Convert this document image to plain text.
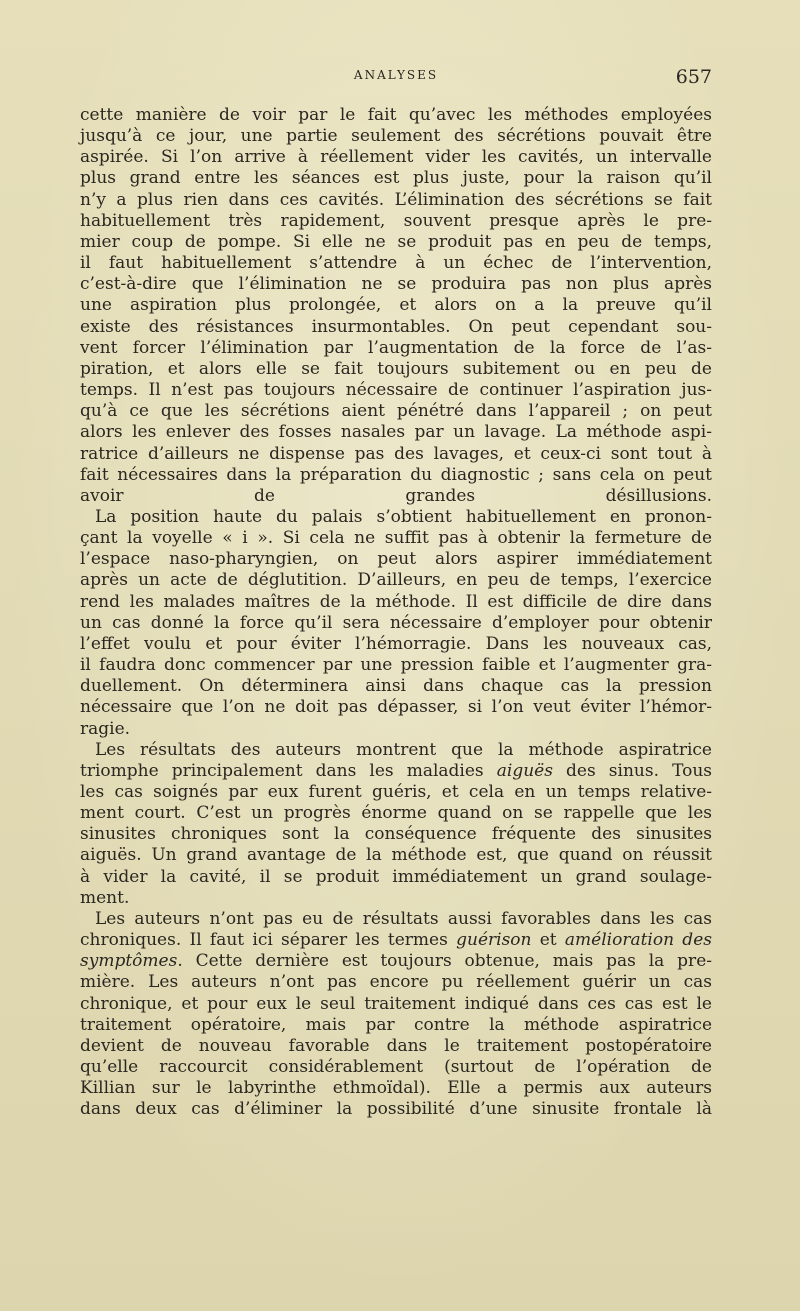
ANALYSES	657

cette manière de voir par le fait qu’avec les méthodes employées
jusqu’à ce jour, une partie seulement des sécrétions pouvait être
aspirée. Si l’on arrive à réellement vider les cavités, un intervalle
plus grand entre les séances est plus juste, pour la raison qu’il
n’y a plus rien dans ces cavités. L’élimination des sécrétions se fait
habituellement très rapidement, souvent presque après le pre-
mier coup de pompe. Si elle ne se produit pas en peu de temps,
il faut habituellement s’attendre à un échec de l’intervention,
c’est-à-dire que l’élimination ne se produira pas non plus après
une aspiration plus prolongée, et alors on a la preuve qu’il
existe des résistances insurmontables. On peut cependant sou-
vent forcer l’élimination par l’augmentation de la force de l’as-
piration, et alors elle se fait toujours subitement ou en peu de
temps. Il n’est pas toujours nécessaire de continuer l’aspiration jus-
qu’à ce que les sécrétions aient pénétré dans l’appareil ; on peut
alors les enlever des fosses nasales par un lavage. La méthode aspi-
ratrice d’ailleurs ne dispense pas des lavages, et ceux-ci sont tout à
fait nécessaires dans la préparation du diagnostic ; sans cela on peut
avoir de grandes désillusions.

La position haute du palais s’obtient habituellement en pronon-
çant la voyelle « i ». Si cela ne suffit pas à obtenir la fermeture de
l’espace naso-pharyngien, on peut alors aspirer immédiatement
après un acte de déglutition. D’ailleurs, en peu de temps, l’exercice
rend les malades maîtres de la méthode. Il est difficile de dire dans
un cas donné la force qu’il sera nécessaire d’employer pour obtenir
l’effet voulu et pour éviter l’hémorragie. Dans les nouveaux cas,
il faudra donc commencer par une pression faible et l’augmenter gra-
duellement. On déterminera ainsi dans chaque cas la pression
nécessaire que l’on ne doit pas dépasser, si l’on veut éviter l’hémor-
ragie.

Les résultats des auteurs montrent que la méthode aspiratrice
triomphe principalement dans les maladies aiguës des sinus. Tous
les cas soignés par eux furent guéris, et cela en un temps relative-
ment court. C’est un progrès énorme quand on se rappelle que les
sinusites chroniques sont la conséquence fréquente des sinusites
aiguës. Un grand avantage de la méthode est, que quand on réussit
à vider la cavité, il se produit immédiatement un grand soulage-
ment.

Les auteurs n’ont pas eu de résultats aussi favorables dans les cas
chroniques. Il faut ici séparer les termes guérison et amélioration des
symptômes. Cette dernière est toujours obtenue, mais pas la pre-
mière. Les auteurs n’ont pas encore pu réellement guérir un cas
chronique, et pour eux le seul traitement indiqué dans ces cas est le
traitement opératoire, mais par contre la méthode aspiratrice
devient de nouveau favorable dans le traitement postopératoire
qu’elle raccourcit considérablement (surtout de l’opération de
Killian sur le labyrinthe ethmoïdal). Elle a permis aux auteurs
dans deux cas d’éliminer la possibilité d’une sinusite frontale là
